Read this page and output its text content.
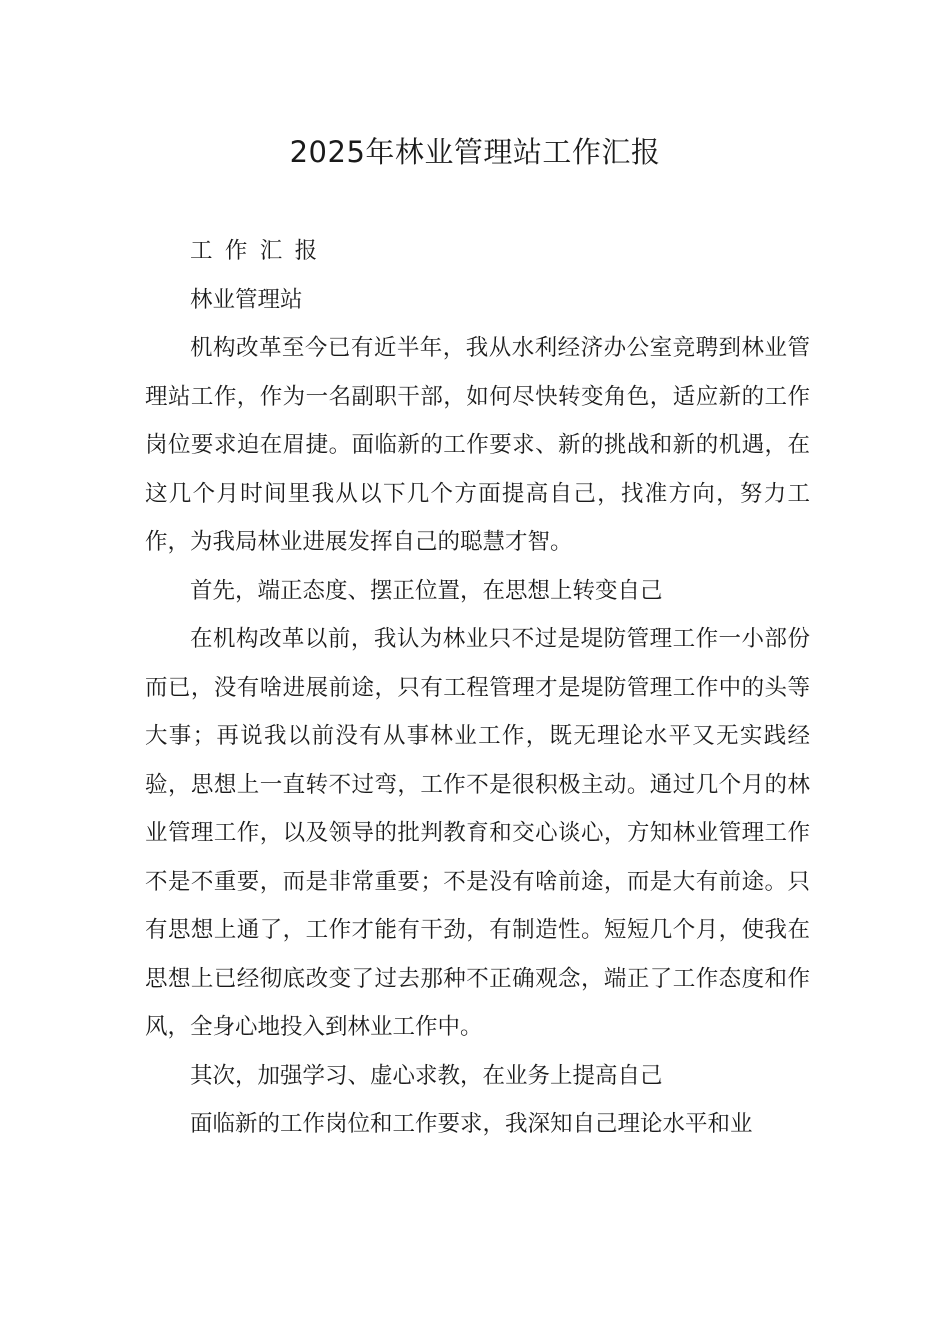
2025年林业管理站工作汇报

工作汇报

林业管理站

机构改革至今已有近半年，我从水利经济办公室竞聘到林业管理站工作，作为一名副职干部，如何尽快转变角色，适应新的工作岗位要求迫在眉捷。面临新的工作要求、新的挑战和新的机遇，在这几个月时间里我从以下几个方面提高自己，找准方向，努力工作，为我局林业进展发挥自己的聪慧才智。

首先，端正态度、摆正位置，在思想上转变自己

在机构改革以前，我认为林业只不过是堤防管理工作一小部份而已，没有啥进展前途，只有工程管理才是堤防管理工作中的头等大事；再说我以前没有从事林业工作，既无理论水平又无实践经验，思想上一直转不过弯，工作不是很积极主动。通过几个月的林业管理工作，以及领导的批判教育和交心谈心，方知林业管理工作不是不重要，而是非常重要；不是没有啥前途，而是大有前途。只有思想上通了，工作才能有干劲，有制造性。短短几个月，使我在思想上已经彻底改变了过去那种不正确观念，端正了工作态度和作风，全身心地投入到林业工作中。

其次，加强学习、虚心求教，在业务上提高自己

面临新的工作岗位和工作要求，我深知自己理论水平和业
